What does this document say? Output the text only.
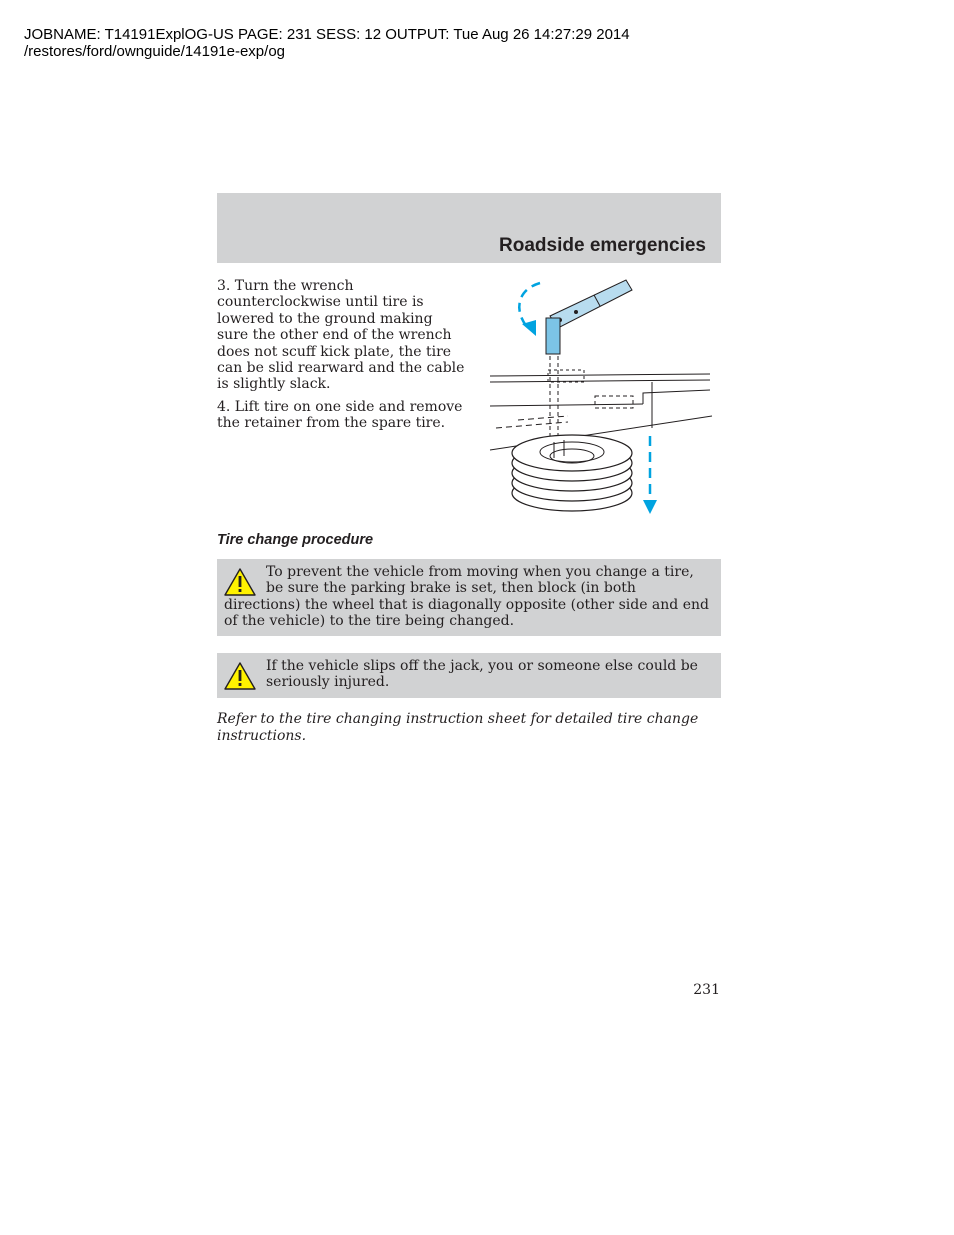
JOBNAME: T14191ExplOG-US PAGE: 231 SESS: 12 OUTPUT: Tue Aug 26 14:27:29 2014
/restores/ford/ownguide/14191e-exp/og
Roadside emergencies

3. Turn the wrench counterclockwise until tire is lowered to the ground making sure the other end of the wrench does not scuff kick plate, the tire can be slid rearward and the cable is slightly slack.

4. Lift tire on one side and remove the retainer from the spare tire.

Tire change procedure
To prevent the vehicle from moving when you change a tire, be sure the parking brake is set, then block (in both directions) the wheel that is diagonally opposite (other side and end of the vehicle) to the tire being changed.
If the vehicle slips off the jack, you or someone else could be seriously injured.
Refer to the tire changing instruction sheet for detailed tire change instructions.
231
